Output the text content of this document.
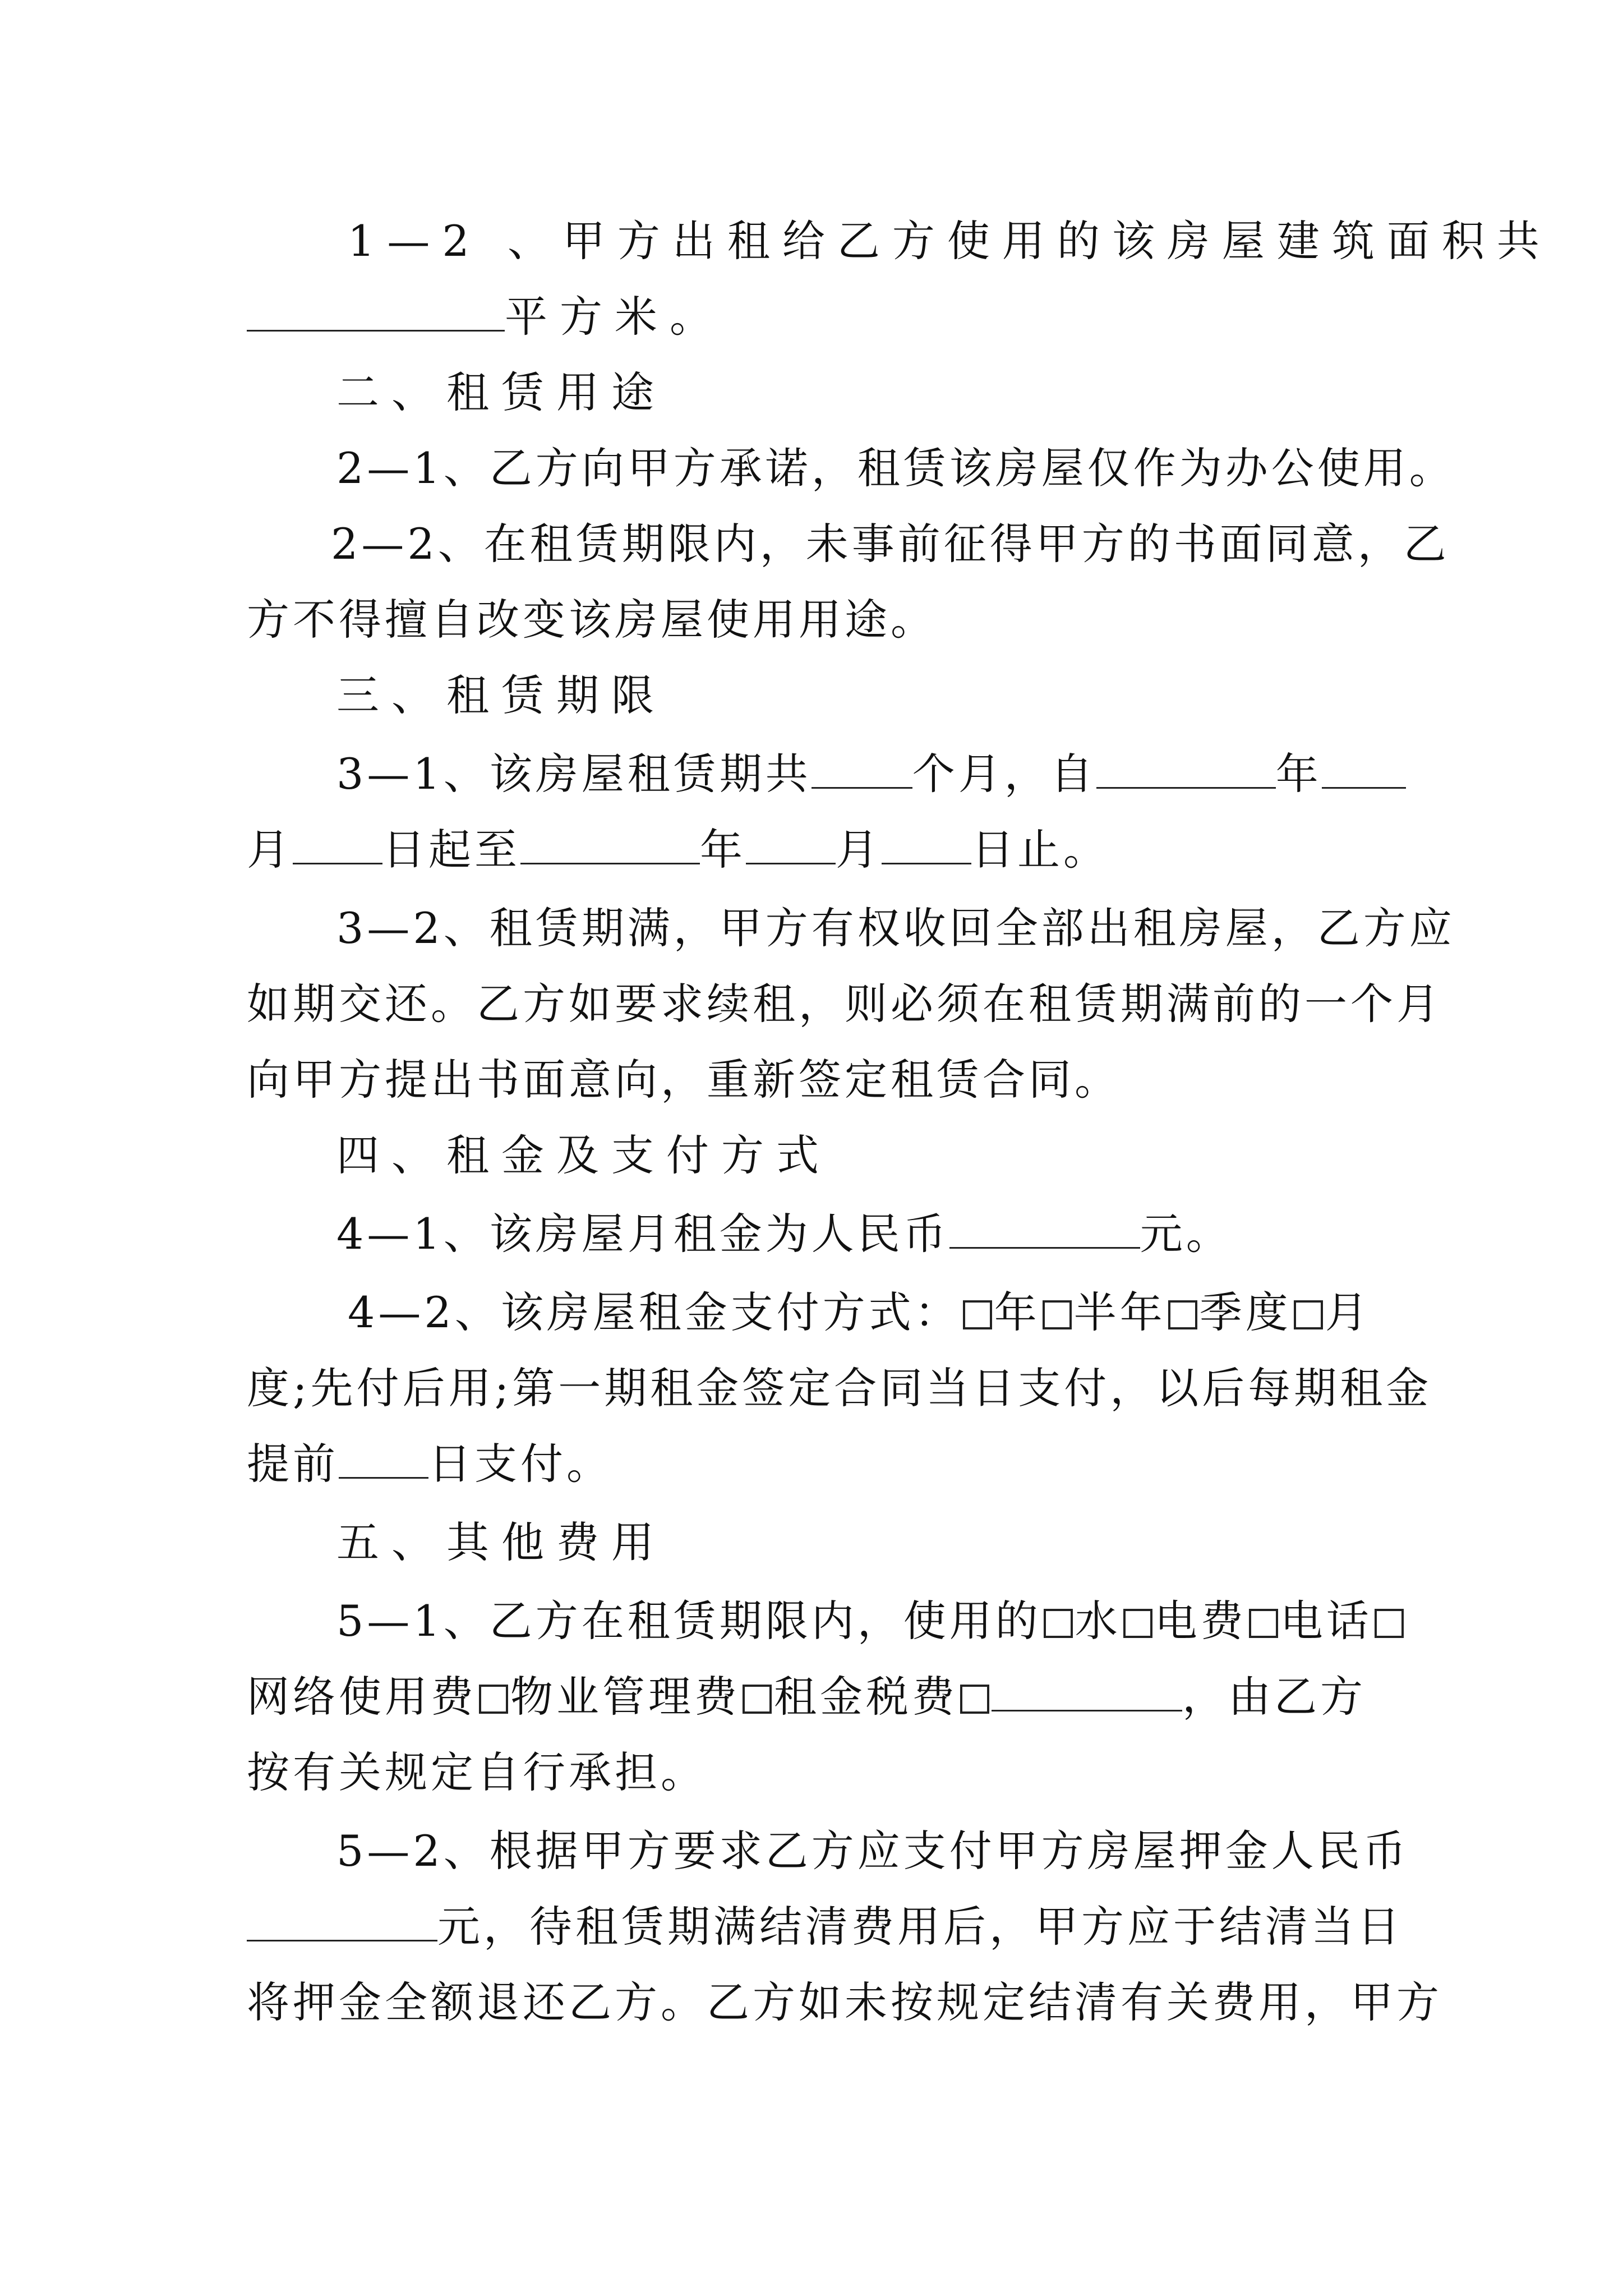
1—2 、甲方出租给乙方使用的该房屋建筑面积共
平方米。
二、租赁用途
2—1、乙方向甲方承诺，租赁该房屋仅作为办公使用。
2—2、在租赁期限内，未事前征得甲方的书面同意，乙
方不得擅自改变该房屋使用用途。
三、租赁期限
3—1、该房屋租赁期共 个月，自	年
月 日起至	年 月 日止。
3—2、租赁期满，甲方有权收回全部出租房屋，乙方应
如期交还。乙方如要求续租，则必须在租赁期满前的一个月
向甲方提出书面意向，重新签定租赁合同。
四、租金及支付方式
4—1、该房屋月租金为人民币	元。
4—2、该房屋租金支付方式： 年 半年 季度 月
度;先付后用;第一期租金签定合同当日支付，以后每期租金
提前 日支付。
五、其他费用
5—1、乙方在租赁期限内，使用的 水 电费 电话
网络使用费 物业管理费 租金税费	，由乙方
按有关规定自行承担。
5—2、根据甲方要求乙方应支付甲方房屋押金人民币
元，待租赁期满结清费用后，甲方应于结清当日
将押金全额退还乙方。乙方如未按规定结清有关费用，甲方
